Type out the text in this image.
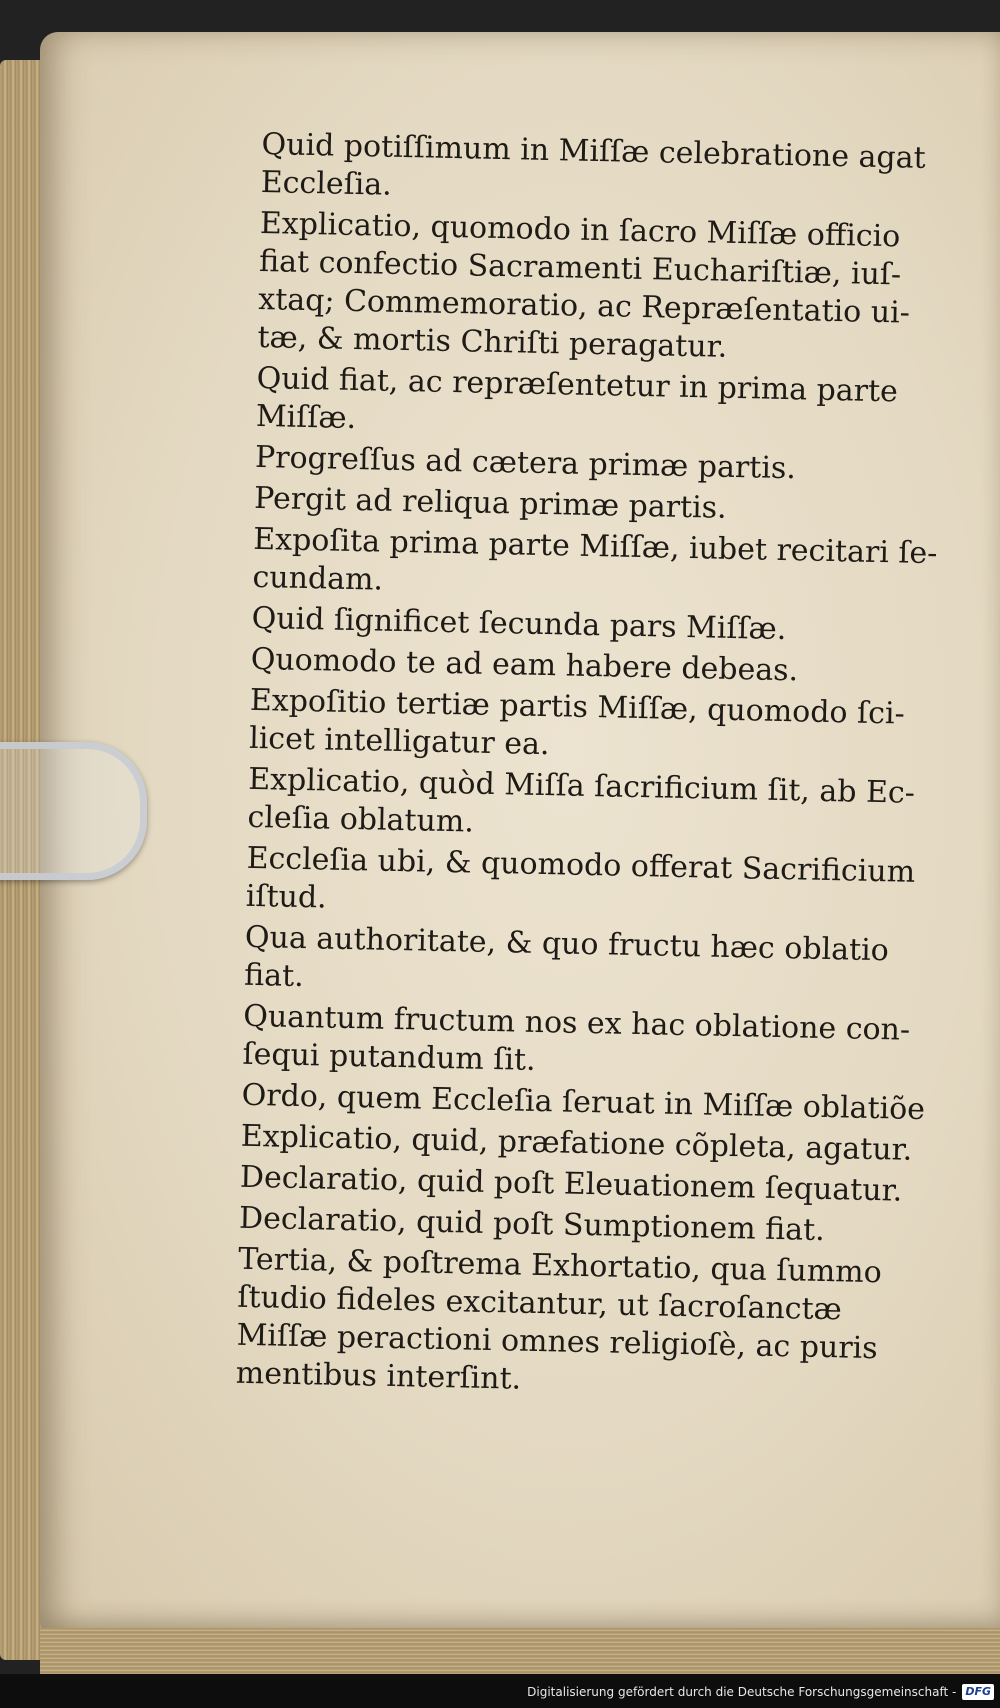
Quid potiſſimum in Miſſæ celebratione agat
Eccleſia.
Explicatio, quomodo in ſacro Miſſæ officio
fiat confectio Sacramenti Euchariſtiæ, iuſ-
xtaq; Commemoratio, ac Repræſentatio ui-
tæ, & mortis Chriſti peragatur.
Quid fiat, ac repræſentetur in prima parte
Miſſæ.
Progreſſus ad cætera primæ partis.
Pergit ad reliqua primæ partis.
Expoſita prima parte Miſſæ, iubet recitari ſe-
cundam.
Quid ſignificet ſecunda pars Miſſæ.
Quomodo te ad eam habere debeas.
Expoſitio tertiæ partis Miſſæ, quomodo ſci-
licet intelligatur ea.
Explicatio, quòd Miſſa ſacrificium ſit, ab Ec-
cleſia oblatum.
Eccleſia ubi, & quomodo offerat Sacrificium
iſtud.
Qua authoritate, & quo fructu hæc oblatio
fiat.
Quantum fructum nos ex hac oblatione con-
ſequi putandum ſit.
Ordo, quem Eccleſia ſeruat in Miſſæ oblatiõe
Explicatio, quid, præfatione cõpleta, agatur.
Declaratio, quid poſt Eleuationem ſequatur.
Declaratio, quid poſt Sumptionem fiat.
Tertia, & poſtrema Exhortatio, qua ſummo
ſtudio fideles excitantur, ut ſacroſanctæ
Miſſæ peractioni omnes religioſè, ac puris
mentibus interſint.
Digitalisierung gefördert durch die Deutsche Forschungsgemeinschaft - DFG
